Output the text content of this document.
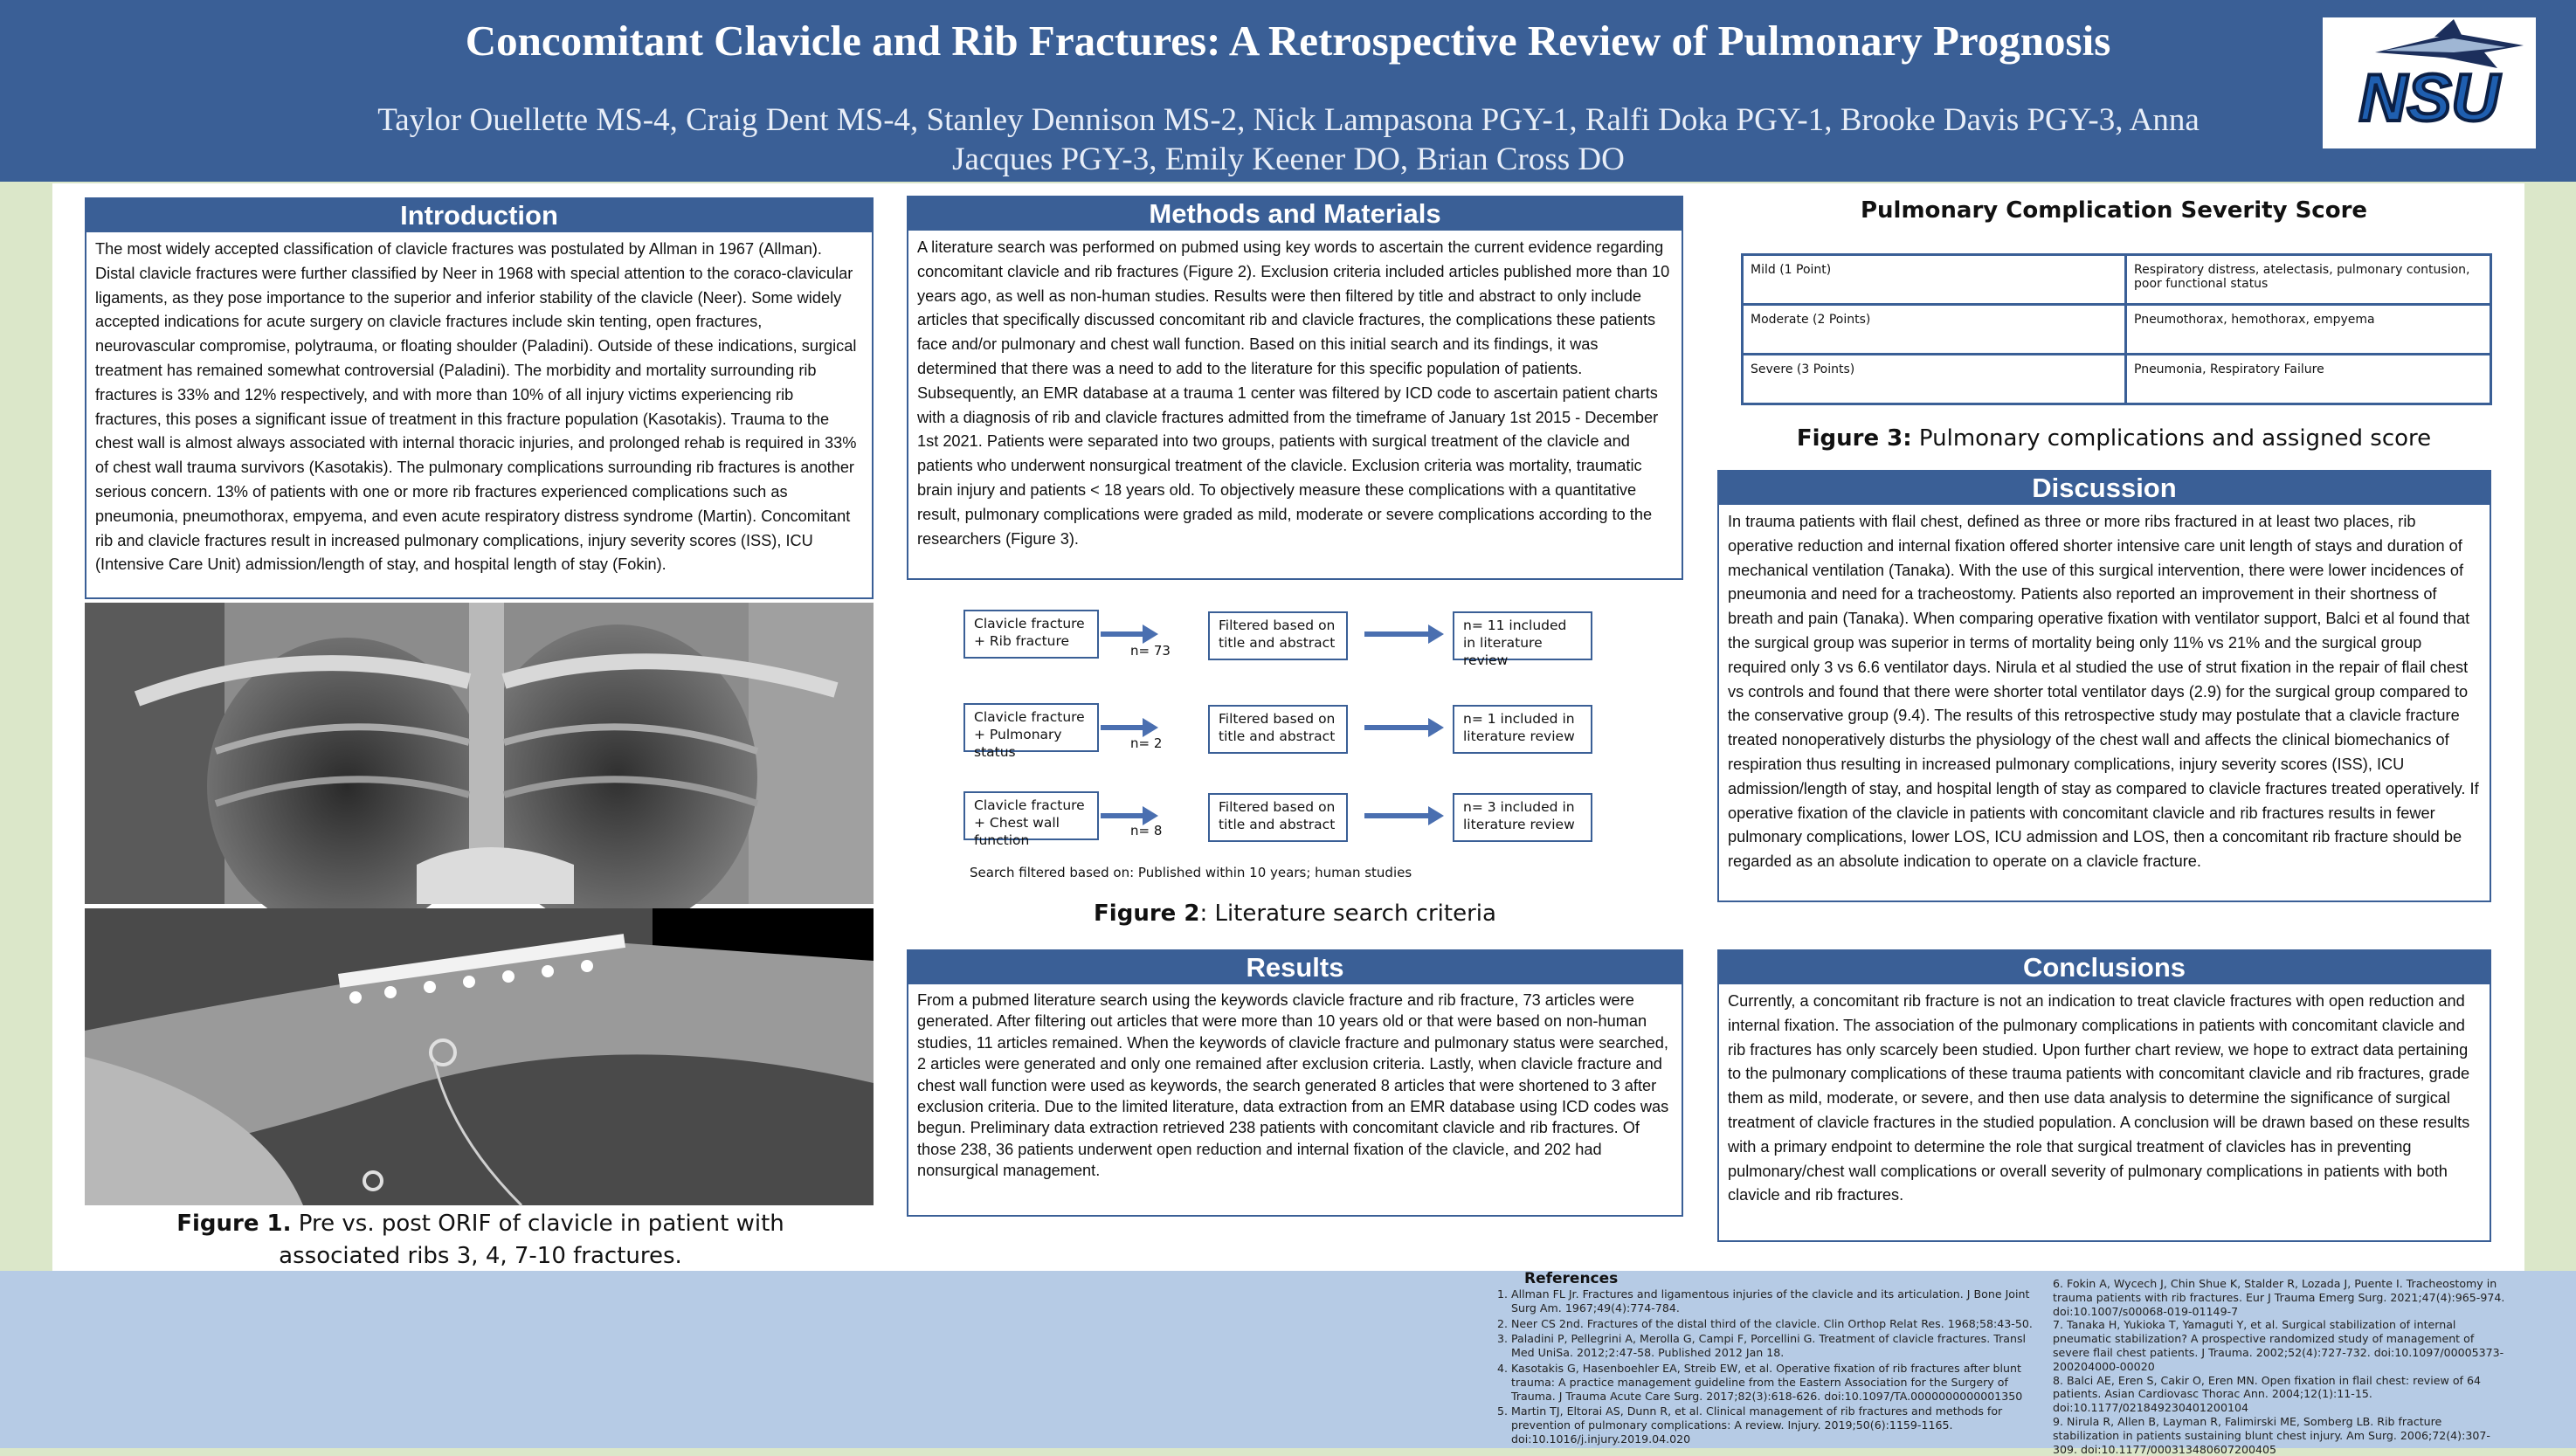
Concomitant Clavicle and Rib Fractures: A Retrospective Review of Pulmonary Prognosis
Taylor Ouellette MS-4, Craig Dent MS-4, Stanley Dennison MS-2, Nick Lampasona PGY-1, Ralfi Doka PGY-1, Brooke Davis PGY-3, Anna Jacques PGY-3, Emily Keener DO, Brian Cross DO
NSU
Introduction
The most widely accepted classification of clavicle fractures was postulated by Allman in 1967 (Allman). Distal clavicle fractures were further classified by Neer in 1968 with special attention to the coraco-clavicular ligaments, as they pose importance to the superior and inferior stability of the clavicle (Neer). Some widely accepted indications for acute surgery on clavicle fractures include skin tenting, open fractures, neurovascular compromise, polytrauma, or floating shoulder (Paladini). Outside of these indications, surgical treatment has remained somewhat controversial (Paladini). The morbidity and mortality surrounding rib fractures is 33% and 12% respectively, and with more than 10% of all injury victims experiencing rib fractures, this poses a significant issue of treatment in this fracture population (Kasotakis). Trauma to the chest wall is almost always associated with internal thoracic injuries, and prolonged rehab is required in 33% of chest wall trauma survivors (Kasotakis). The pulmonary complications surrounding rib fractures is another serious concern. 13% of patients with one or more rib fractures experienced complications such as pneumonia, pneumothorax, empyema, and even acute respiratory distress syndrome (Martin). Concomitant rib and clavicle fractures result in increased pulmonary complications, injury severity scores (ISS), ICU (Intensive Care Unit) admission/length of stay, and hospital length of stay (Fokin).
Figure 1. Pre vs. post ORIF of clavicle in patient with associated ribs 3, 4, 7-10 fractures.
Methods and Materials
A literature search was performed on pubmed using key words to ascertain the current evidence regarding concomitant clavicle and rib fractures (Figure 2). Exclusion criteria included articles published more than 10 years ago, as well as non-human studies. Results were then filtered by title and abstract to only include articles that specifically discussed concomitant rib and clavicle fractures, the complications these patients face and/or pulmonary and chest wall function. Based on this initial search and its findings, it was determined that there was a need to add to the literature for this specific population of patients. Subsequently, an EMR database at a trauma 1 center was filtered by ICD code to ascertain patient charts with a diagnosis of rib and clavicle fractures admitted from the timeframe of January 1st 2015 - December 1st 2021. Patients were separated into two groups, patients with surgical treatment of the clavicle and patients who underwent nonsurgical treatment of the clavicle. Exclusion criteria was mortality, traumatic brain injury and patients < 18 years old. To objectively measure these complications with a quantitative result, pulmonary complications were graded as mild, moderate or severe complications according to the researchers (Figure 3).
Clavicle fracture + Rib fracture
n= 73
Filtered based on title and abstract
n= 11 included in literature review
Clavicle fracture + Pulmonary status
n= 2
Filtered based on title and abstract
n= 1 included in literature review
Clavicle fracture + Chest wall function
n= 8
Filtered based on title and abstract
n= 3 included in literature review
Search filtered based on: Published within 10 years; human studies
Figure 2: Literature search criteria
Results
From a pubmed literature search using the keywords clavicle fracture and rib fracture, 73 articles were generated. After filtering out articles that were more than 10 years old or that were based on non-human studies, 11 articles remained. When the keywords of clavicle fracture and pulmonary status were searched, 2 articles were generated and only one remained after exclusion criteria. Lastly, when clavicle fracture and chest wall function were used as keywords, the search generated 8 articles that were shortened to 3 after exclusion criteria. Due to the limited literature, data extraction from an EMR database using ICD codes was begun. Preliminary data extraction retrieved 238 patients with concomitant clavicle and rib fractures. Of those 238, 36 patients underwent open reduction and internal fixation of the clavicle, and 202 had nonsurgical management.
Pulmonary Complication Severity Score
Mild (1 Point)	Respiratory distress, atelectasis, pulmonary contusion, poor functional status
Moderate (2 Points)	Pneumothorax, hemothorax, empyema
Severe (3 Points)	Pneumonia, Respiratory Failure
Figure 3: Pulmonary complications and assigned score
Discussion
In trauma patients with flail chest, defined as three or more ribs fractured in at least two places, rib operative reduction and internal fixation offered shorter intensive care unit length of stays and duration of mechanical ventilation (Tanaka). With the use of this surgical intervention, there were lower incidences of pneumonia and need for a tracheostomy. Patients also reported an improvement in their shortness of breath and pain (Tanaka). When comparing operative fixation with ventilator support, Balci et al found that the surgical group was superior in terms of mortality being only 11% vs 21% and the surgical group required only 3 vs 6.6 ventilator days. Nirula et al studied the use of strut fixation in the repair of flail chest vs controls and found that there were shorter total ventilator days (2.9) for the surgical group compared to the conservative group (9.4). The results of this retrospective study may postulate that a clavicle fracture treated nonoperatively disturbs the physiology of the chest wall and affects the clinical biomechanics of respiration thus resulting in increased pulmonary complications, injury severity scores (ISS), ICU admission/length of stay, and hospital length of stay as compared to clavicle fractures treated operatively. If operative fixation of the clavicle in patients with concomitant clavicle and rib fractures results in fewer pulmonary complications, lower LOS, ICU admission and LOS, then a concomitant rib fracture should be regarded as an absolute indication to operate on a clavicle fracture.
Conclusions
Currently, a concomitant rib fracture is not an indication to treat clavicle fractures with open reduction and internal fixation. The association of the pulmonary complications in patients with concomitant clavicle and rib fractures has only scarcely been studied. Upon further chart review, we hope to extract data pertaining to the pulmonary complications of these trauma patients with concomitant clavicle and rib fractures, grade them as mild, moderate, or severe, and then use data analysis to determine the significance of surgical treatment of clavicle fractures in the studied population. A conclusion will be drawn based on these results with a primary endpoint to determine the role that surgical treatment of clavicles has in preventing pulmonary/chest wall complications or overall severity of pulmonary complications in patients with both clavicle and rib fractures.
References
1. Allman FL Jr. Fractures and ligamentous injuries of the clavicle and its articulation. J Bone Joint Surg Am. 1967;49(4):774-784.
2. Neer CS 2nd. Fractures of the distal third of the clavicle. Clin Orthop Relat Res. 1968;58:43-50.
3. Paladini P, Pellegrini A, Merolla G, Campi F, Porcellini G. Treatment of clavicle fractures. Transl Med UniSa. 2012;2:47-58. Published 2012 Jan 18.
4. Kasotakis G, Hasenboehler EA, Streib EW, et al. Operative fixation of rib fractures after blunt trauma: A practice management guideline from the Eastern Association for the Surgery of Trauma. J Trauma Acute Care Surg. 2017;82(3):618-626. doi:10.1097/TA.0000000000001350
5. Martin TJ, Eltorai AS, Dunn R, et al. Clinical management of rib fractures and methods for prevention of pulmonary complications: A review. Injury. 2019;50(6):1159-1165. doi:10.1016/j.injury.2019.04.020
6. Fokin A, Wycech J, Chin Shue K, Stalder R, Lozada J, Puente I. Tracheostomy in trauma patients with rib fractures. Eur J Trauma Emerg Surg. 2021;47(4):965-974. doi:10.1007/s00068-019-01149-7
7. Tanaka H, Yukioka T, Yamaguti Y, et al. Surgical stabilization of internal pneumatic stabilization? A prospective randomized study of management of severe flail chest patients. J Trauma. 2002;52(4):727-732. doi:10.1097/00005373-200204000-00020
8. Balci AE, Eren S, Cakir O, Eren MN. Open fixation in flail chest: review of 64 patients. Asian Cardiovasc Thorac Ann. 2004;12(1):11-15. doi:10.1177/021849230401200104
9. Nirula R, Allen B, Layman R, Falimirski ME, Somberg LB. Rib fracture stabilization in patients sustaining blunt chest injury. Am Surg. 2006;72(4):307-309. doi:10.1177/000313480607200405
